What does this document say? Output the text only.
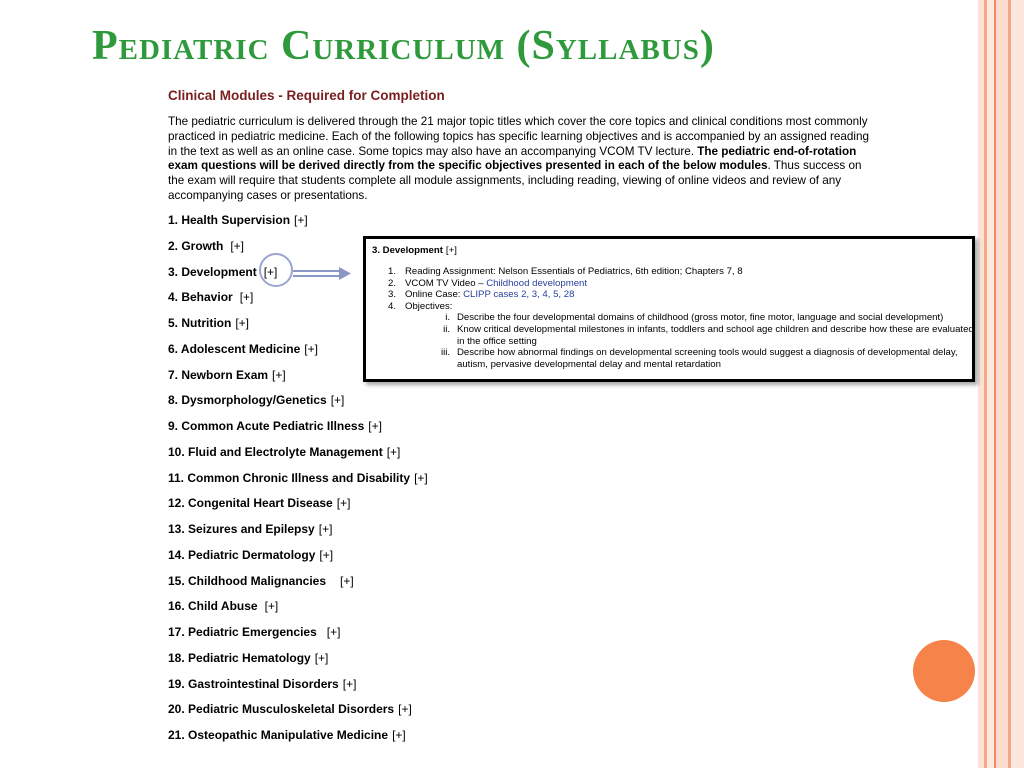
Pediatric Curriculum (Syllabus)
Clinical Modules - Required for Completion

The pediatric curriculum is delivered through the 21 major topic titles which cover the core topics and clinical conditions most commonly practiced in pediatric medicine. Each of the following topics has specific learning objectives and is accompanied by an assigned reading in the text as well as an online case. Some topics may also have an accompanying VCOM TV lecture. The pediatric end-of-rotation exam questions will be derived directly from the specific objectives presented in each of the below modules. Thus success on the exam will require that students complete all module assignments, including reading, viewing of online videos and review of any accompanying cases or presentations.

1. Health Supervision [+]
2. Growth [+]
3. Development [+]
4. Behavior [+]
5. Nutrition [+]
6. Adolescent Medicine [+]
7. Newborn Exam [+]
8. Dysmorphology/Genetics [+]
9. Common Acute Pediatric Illness [+]
10. Fluid and Electrolyte Management [+]
11. Common Chronic Illness and Disability [+]
12. Congenital Heart Disease [+]
13. Seizures and Epilepsy [+]
14. Pediatric Dermatology [+]
15. Childhood Malignancies [+]
16. Child Abuse [+]
17. Pediatric Emergencies [+]
18. Pediatric Hematology [+]
19. Gastrointestinal Disorders [+]
20. Pediatric Musculoskeletal Disorders [+]
21. Osteopathic Manipulative Medicine [+]
3. Development [+]
1. Reading Assignment: Nelson Essentials of Pediatrics, 6th edition; Chapters 7, 8
2. VCOM TV Video – Childhood development
3. Online Case: CLIPP cases 2, 3, 4, 5, 28
4. Objectives:
i. Describe the four developmental domains of childhood (gross motor, fine motor, language and social development)
ii. Know critical developmental milestones in infants, toddlers and school age children and describe how these are evaluated in the office setting
iii. Describe how abnormal findings on developmental screening tools would suggest a diagnosis of developmental delay, autism, pervasive developmental delay and mental retardation
